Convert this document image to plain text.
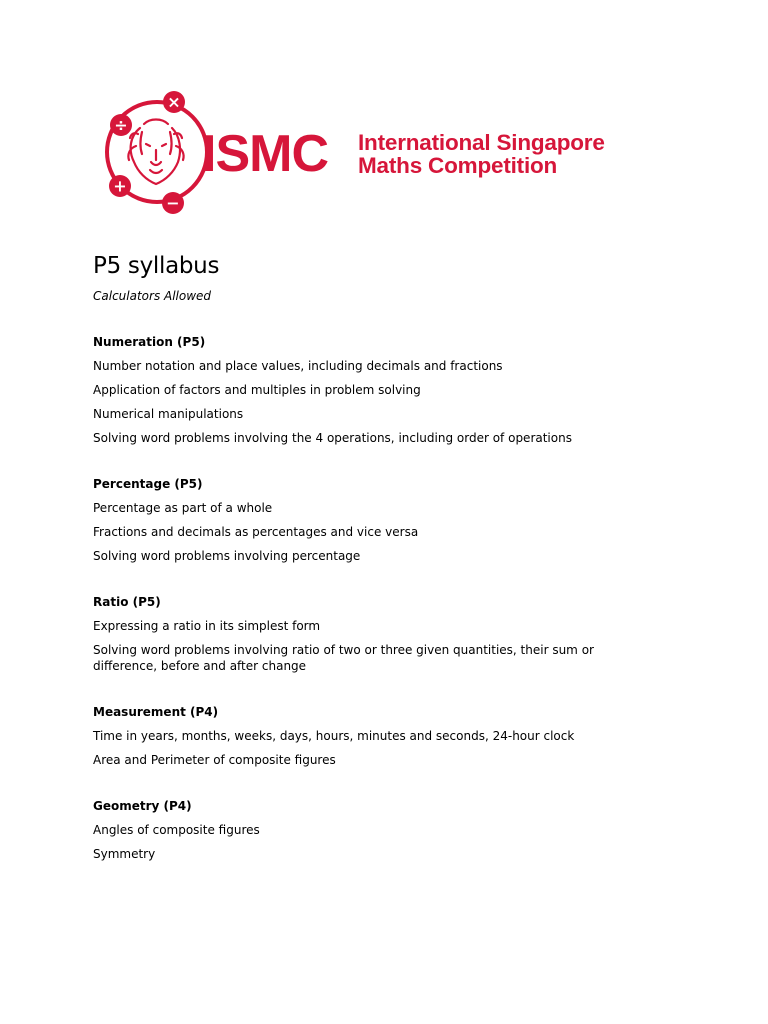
×
÷
+
−
ISMC International Singapore
Maths Competition
P5 syllabus

Calculators Allowed

Numeration (P5)

Number notation and place values, including decimals and fractions

Application of factors and multiples in problem solving

Numerical manipulations

Solving word problems involving the 4 operations, including order of operations

Percentage (P5)

Percentage as part of a whole

Fractions and decimals as percentages and vice versa

Solving word problems involving percentage

Ratio (P5)

Expressing a ratio in its simplest form

Solving word problems involving ratio of two or three given quantities, their sum or difference, before and after change

Measurement (P4)

Time in years, months, weeks, days, hours, minutes and seconds, 24-hour clock

Area and Perimeter of composite figures

Geometry (P4)

Angles of composite figures

Symmetry
